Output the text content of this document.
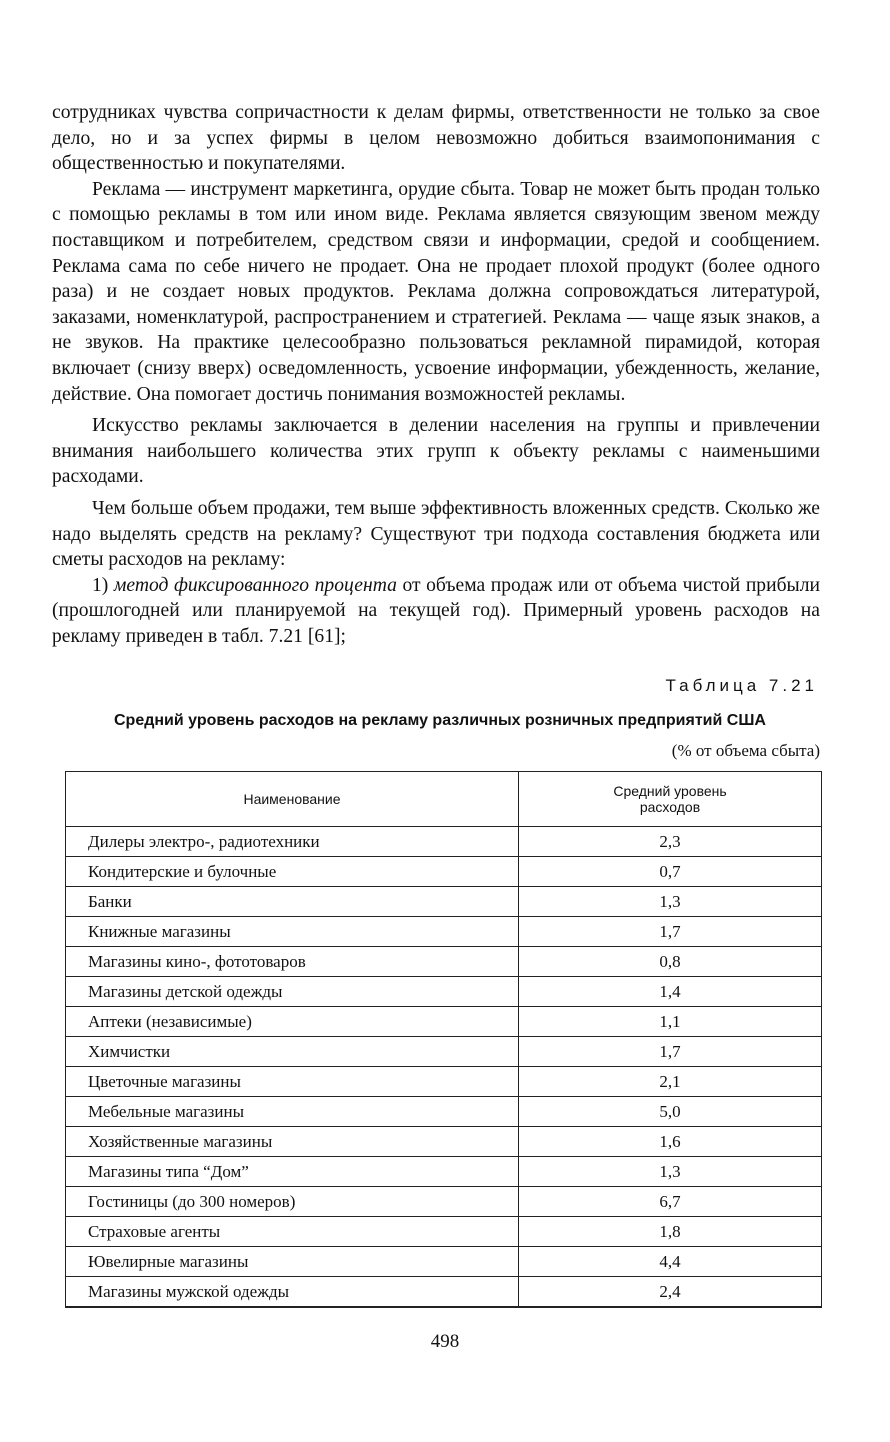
сотрудниках чувства сопричастности к делам фирмы, ответственности не только за свое дело, но и за успех фирмы в целом невозможно добиться взаимопонимания с общественностью и покупателями.

Реклама — инструмент маркетинга, орудие сбыта. Товар не может быть продан только с помощью рекламы в том или ином виде. Реклама является связующим звеном между поставщиком и потребителем, средством связи и информации, средой и сообщением. Реклама сама по себе ничего не продает. Она не продает плохой продукт (более одного раза) и не создает новых продуктов. Реклама должна сопровождаться литературой, заказами, номенклатурой, распространением и стратегией. Реклама — чаще язык знаков, а не звуков. На практике целесообразно пользоваться рекламной пирамидой, которая включает (снизу вверх) осведомленность, усвоение информации, убежденность, желание, действие. Она помогает достичь понимания возможностей рекламы.

Искусство рекламы заключается в делении населения на группы и привлечении внимания наибольшего количества этих групп к объекту рекламы с наименьшими расходами.

Чем больше объем продажи, тем выше эффективность вложенных средств. Сколько же надо выделять средств на рекламу? Существуют три подхода составления бюджета или сметы расходов на рекламу:

1) метод фиксированного процента от объема продаж или от объема чистой прибыли (прошлогодней или планируемой на текущей год). Примерный уровень расходов на рекламу приведен в табл. 7.21 [61];

Таблица 7.21
Средний уровень расходов на рекламу различных розничных предприятий США
(% от объема сбыта)
Наименование	Средний уровень расходов
Дилеры электро-, радиотехники	2,3
Кондитерские и булочные	0,7
Банки	1,3
Книжные магазины	1,7
Магазины кино-, фототоваров	0,8
Магазины детской одежды	1,4
Аптеки (независимые)	1,1
Химчистки	1,7
Цветочные магазины	2,1
Мебельные магазины	5,0
Хозяйственные магазины	1,6
Магазины типа “Дом”	1,3
Гостиницы (до 300 номеров)	6,7
Страховые агенты	1,8
Ювелирные магазины	4,4
Магазины мужской одежды	2,4
498
